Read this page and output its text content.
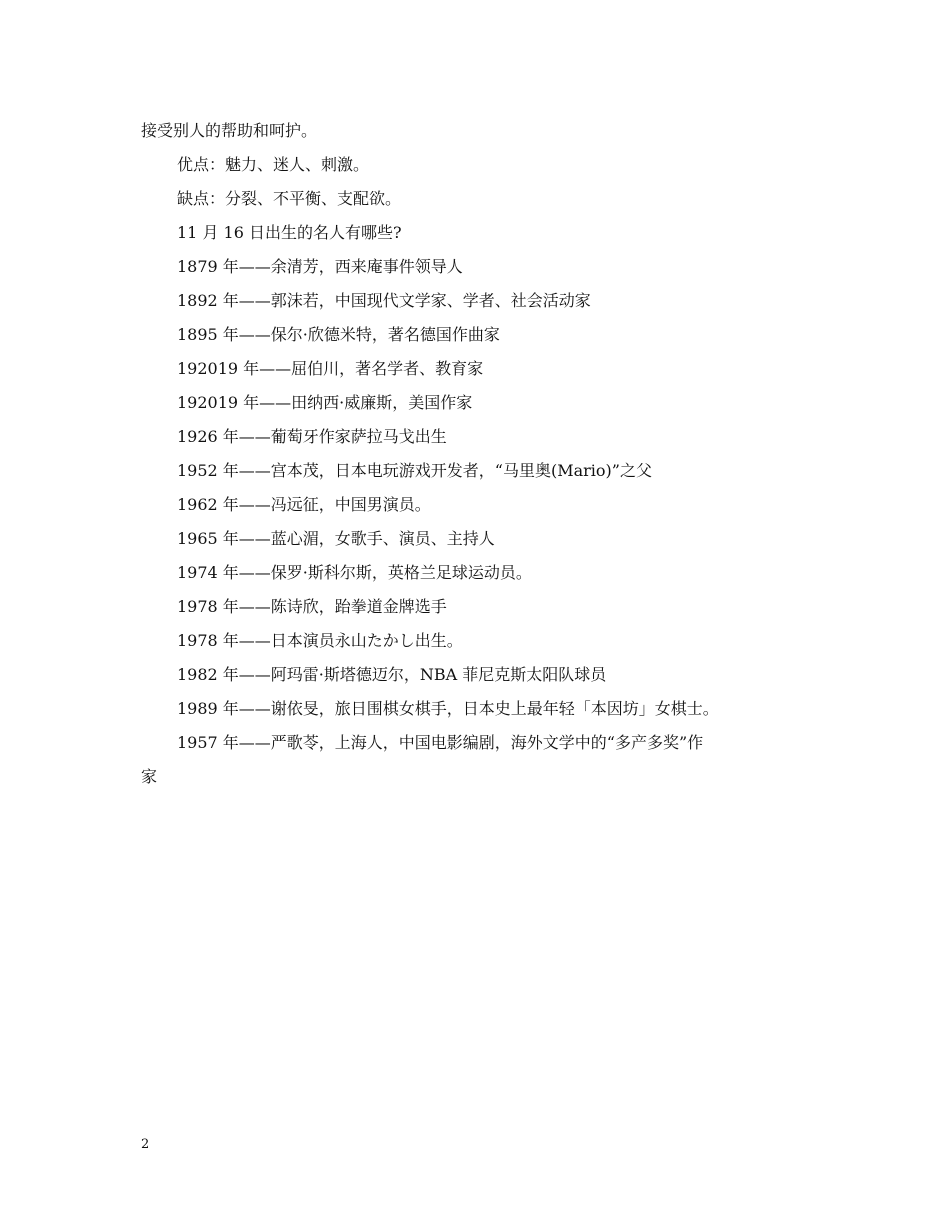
接受别人的帮助和呵护。
优点：魅力、迷人、刺激。
缺点：分裂、不平衡、支配欲。
11 月 16 日出生的名人有哪些?
1879 年——余清芳，西来庵事件领导人
1892 年——郭沫若，中国现代文学家、学者、社会活动家
1895 年——保尔·欣德米特，著名德国作曲家
192019 年——屈伯川，著名学者、教育家
192019 年——田纳西·威廉斯，美国作家
1926 年——葡萄牙作家萨拉马戈出生
1952 年——宫本茂，日本电玩游戏开发者，“马里奥(Mario)”之父
1962 年——冯远征，中国男演员。
1965 年——蓝心湄，女歌手、演员、主持人
1974 年——保罗·斯科尔斯，英格兰足球运动员。
1978 年——陈诗欣，跆拳道金牌选手
1978 年——日本演员永山たかし出生。
1982 年——阿玛雷·斯塔德迈尔，NBA 菲尼克斯太阳队球员
1989 年——谢依旻，旅日围棋女棋手，日本史上最年轻「本因坊」女棋士。
1957 年——严歌苓，上海人，中国电影编剧，海外文学中的“多产多奖”作
家
2
